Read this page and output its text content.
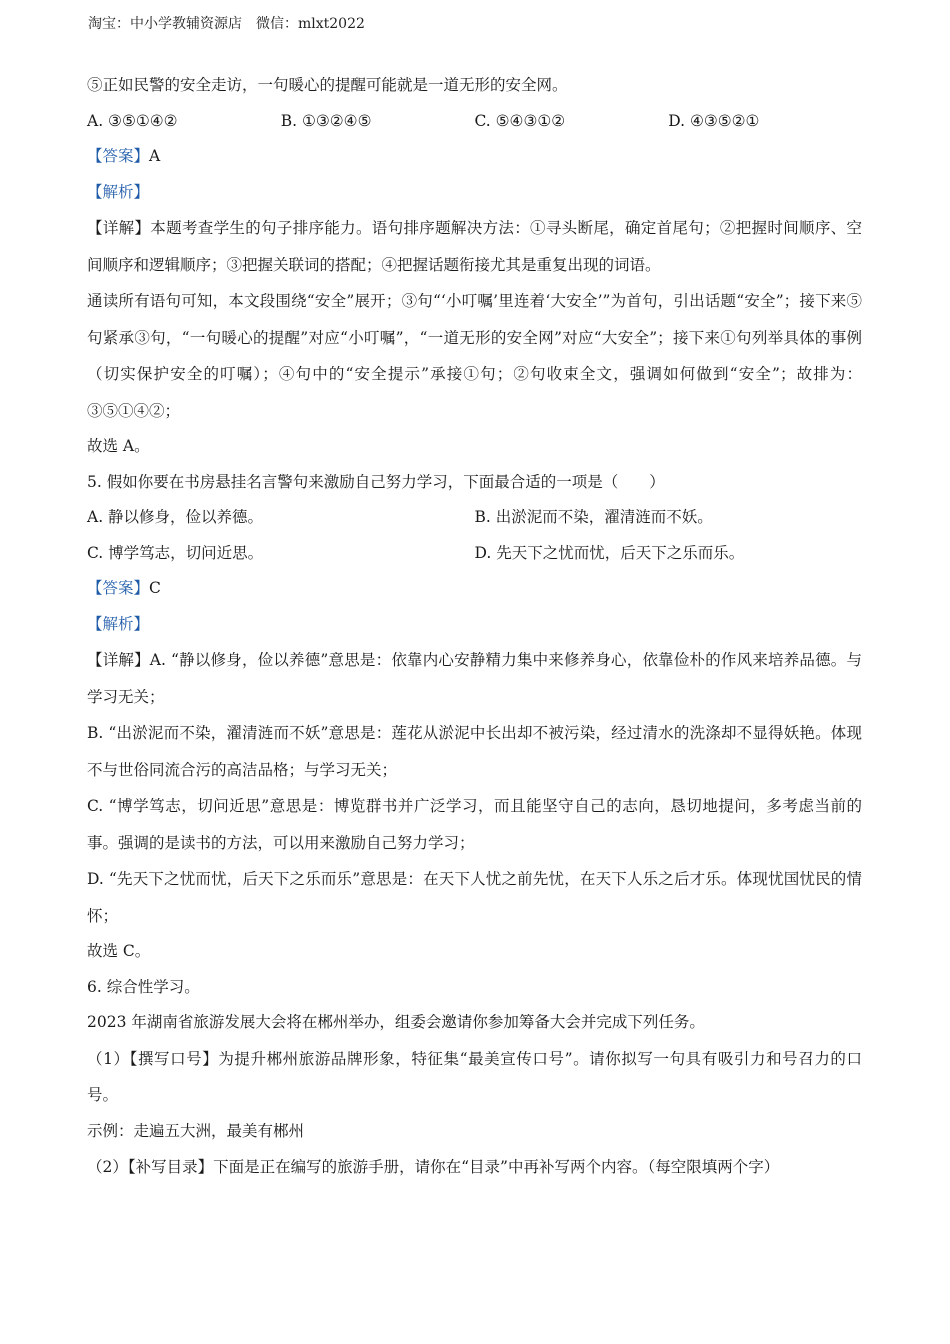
淘宝：中小学教辅资源店　微信：mlxt2022
⑤正如民警的安全走访，一句暖心的提醒可能就是一道无形的安全网。
A. ③⑤①④②	B. ①③②④⑤	C. ⑤④③①②	D. ④③⑤②①
【答案】A
【解析】
【详解】本题考查学生的句子排序能力。语句排序题解决方法：①寻头断尾，确定首尾句；②把握时间顺序、空间顺序和逻辑顺序；③把握关联词的搭配；④把握话题衔接尤其是重复出现的词语。
通读所有语句可知，本文段围绕“安全”展开；③句“‘小叮嘱’里连着‘大安全’”为首句，引出话题“安全”；接下来⑤句紧承③句，“一句暖心的提醒”对应“小叮嘱”，“一道无形的安全网”对应“大安全”；接下来①句列举具体的事例（切实保护安全的叮嘱）；④句中的“安全提示”承接①句；②句收束全文，强调如何做到“安全”；故排为：③⑤①④②；
故选 A。
5. 假如你要在书房悬挂名言警句来激励自己努力学习，下面最合适的一项是（　　）
A. 静以修身，俭以养德。	B. 出淤泥而不染，濯清涟而不妖。
C. 博学笃志，切问近思。	D. 先天下之忧而忧，后天下之乐而乐。
【答案】C
【解析】
【详解】A. “静以修身，俭以养德”意思是：依靠内心安静精力集中来修养身心，依靠俭朴的作风来培养品德。与学习无关；
B. “出淤泥而不染，濯清涟而不妖”意思是：莲花从淤泥中长出却不被污染，经过清水的洗涤却不显得妖艳。体现不与世俗同流合污的高洁品格；与学习无关；
C. “博学笃志，切问近思”意思是：博览群书并广泛学习，而且能坚守自己的志向，恳切地提问，多考虑当前的事。强调的是读书的方法，可以用来激励自己努力学习；
D. “先天下之忧而忧，后天下之乐而乐”意思是：在天下人忧之前先忧，在天下人乐之后才乐。体现忧国忧民的情怀；
故选 C。
6. 综合性学习。
2023 年湖南省旅游发展大会将在郴州举办，组委会邀请你参加筹备大会并完成下列任务。
（1）【撰写口号】为提升郴州旅游品牌形象，特征集“最美宣传口号”。请你拟写一句具有吸引力和号召力的口号。
示例：走遍五大洲，最美有郴州
（2）【补写目录】下面是正在编写的旅游手册，请你在“目录”中再补写两个内容。（每空限填两个字）
